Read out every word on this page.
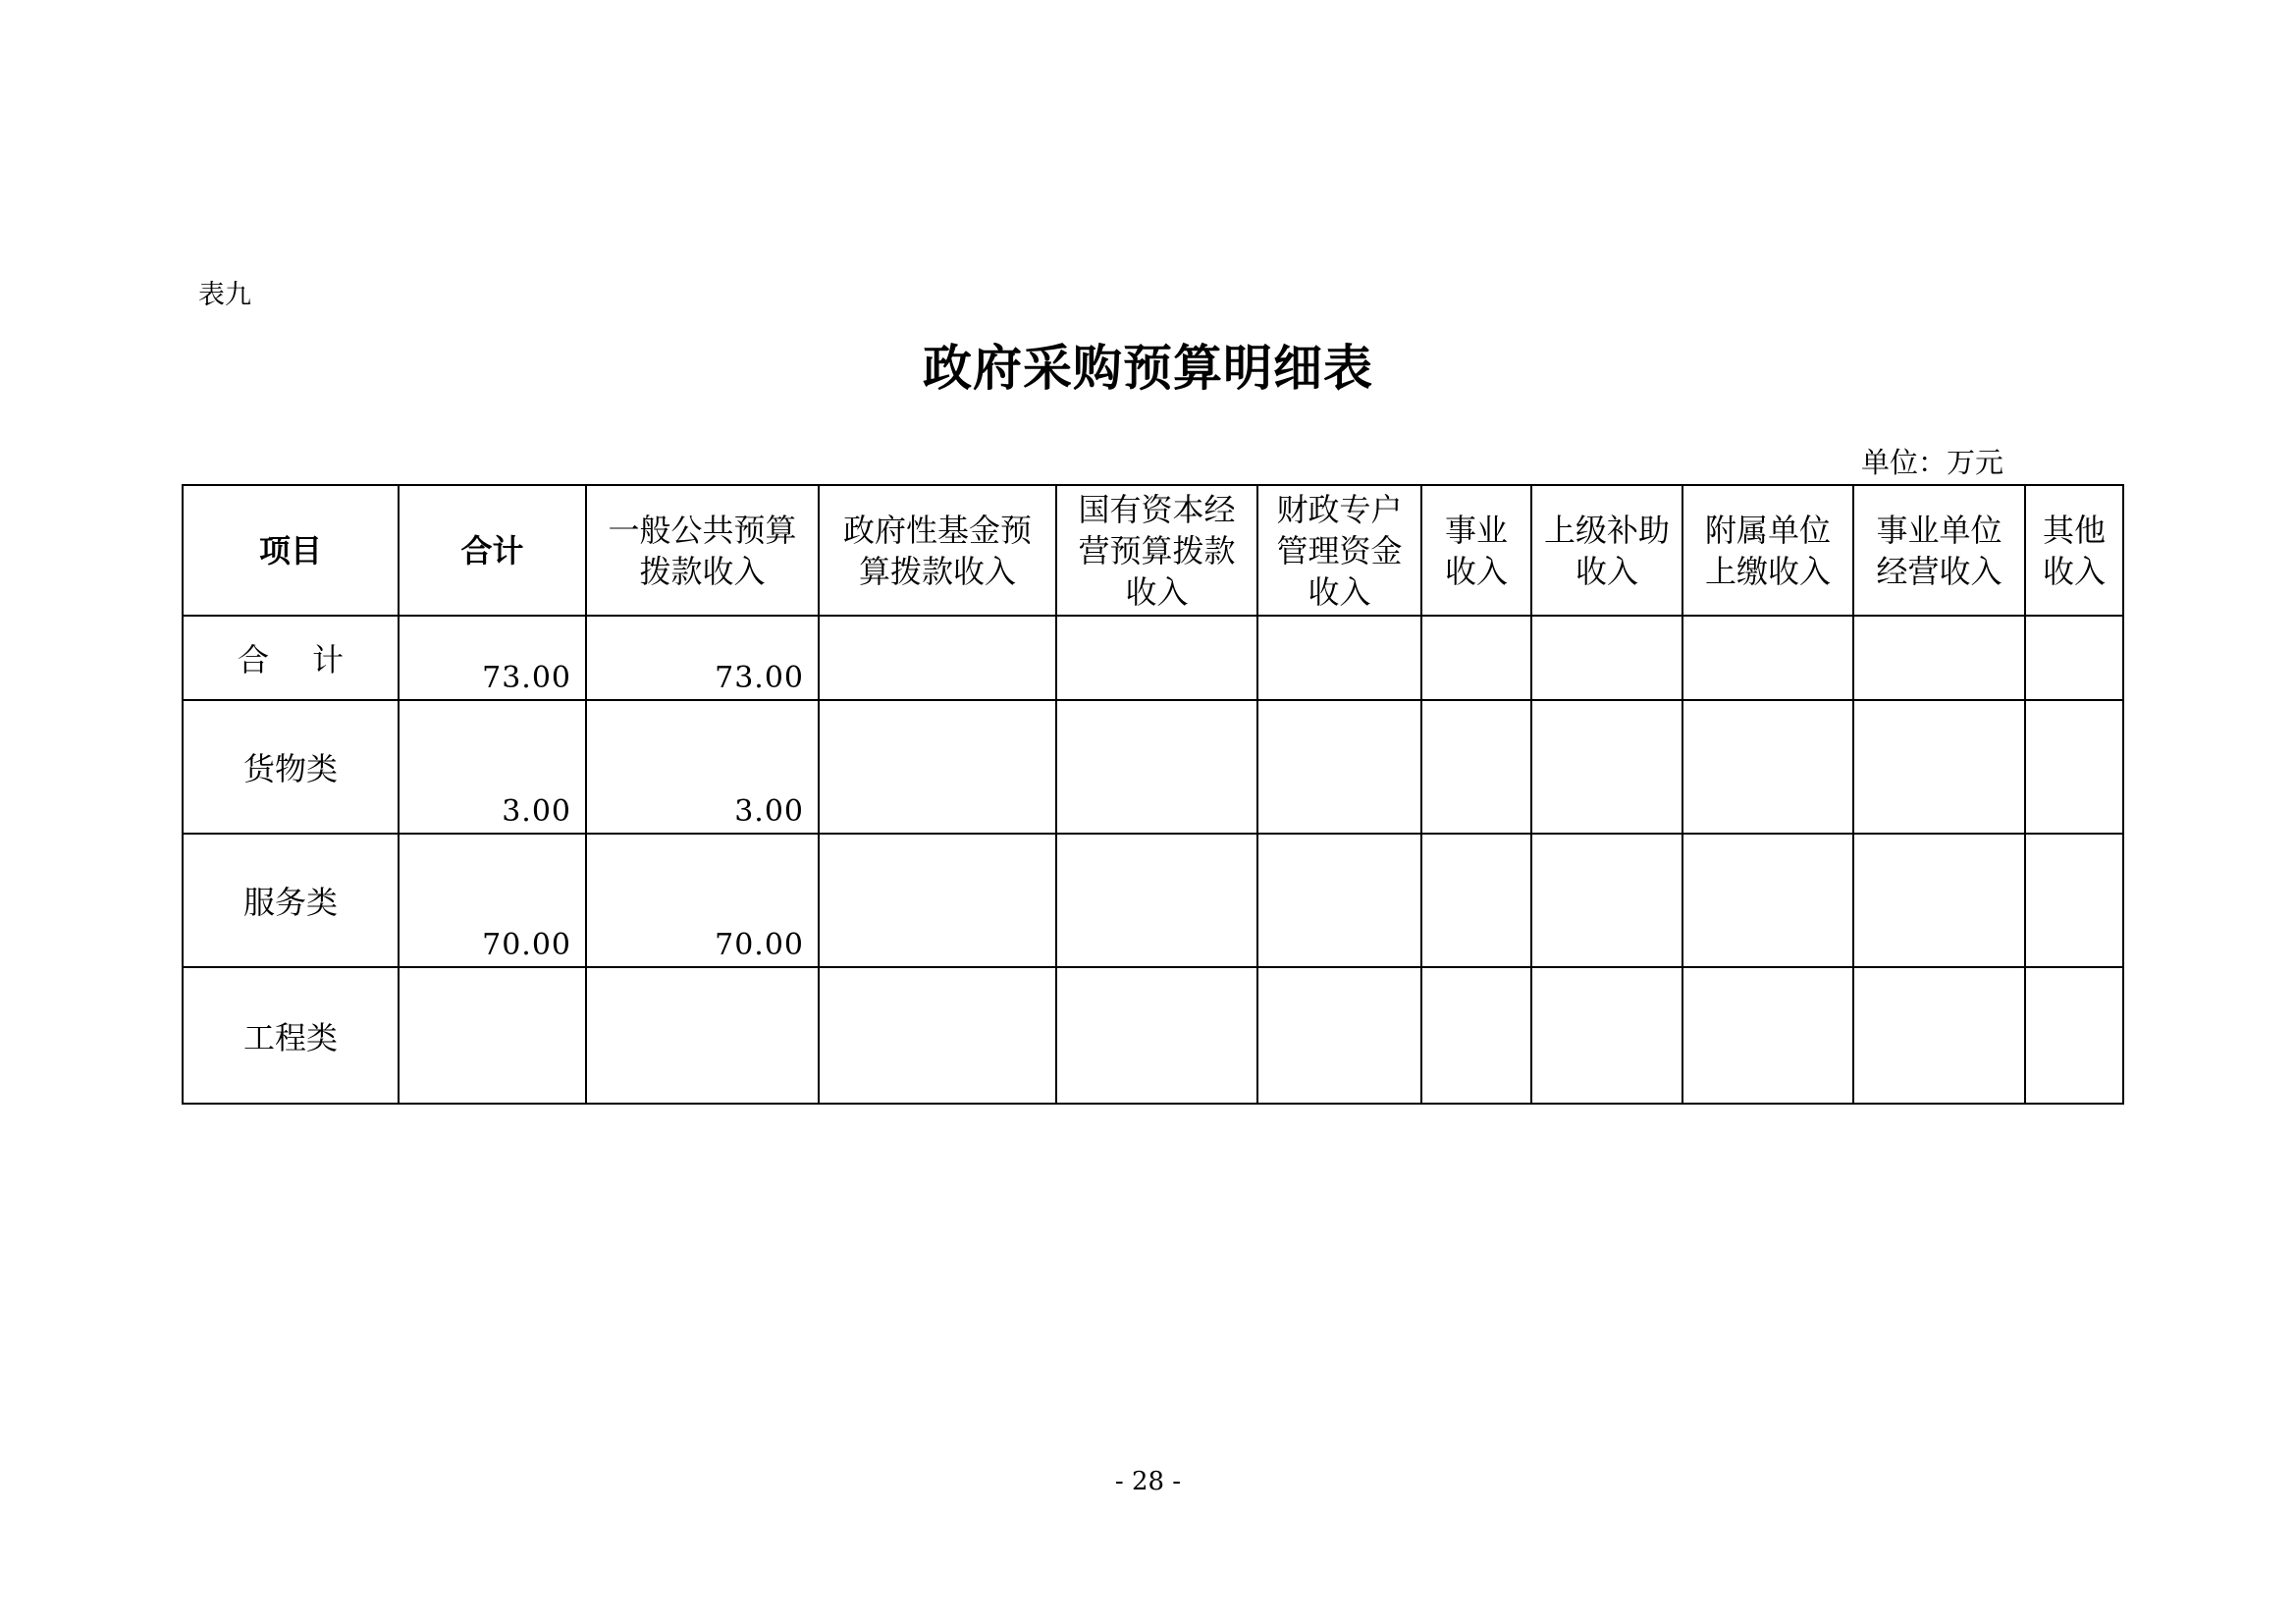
表九
政府采购预算明细表
单位：万元
项目	合计	一般公共预算拨款收入	政府性基金预算拨款收入	国有资本经营预算拨款收入	财政专户管理资金收入	事业收入	上级补助收入	附属单位上缴收入	事业单位经营收入	其他收入
合计	73.00	73.00								
货物类	3.00	3.00								
服务类	70.00	70.00								
工程类										
- 28 -
